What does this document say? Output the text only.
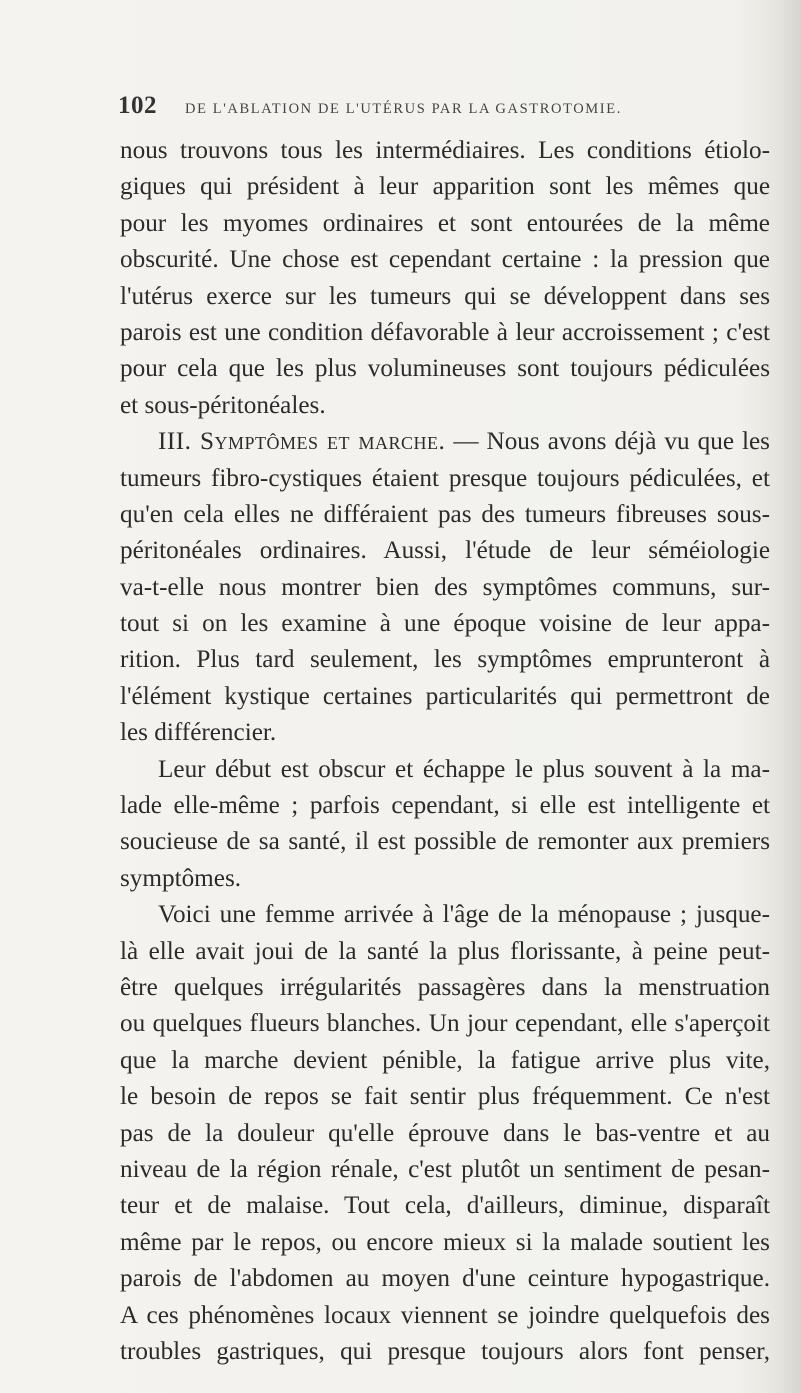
102 DE L'ABLATION DE L'UTÉRUS PAR LA GASTROTOMIE.
nous trouvons tous les intermédiaires. Les conditions étiolo-
giques qui président à leur apparition sont les mêmes que
pour les myomes ordinaires et sont entourées de la même
obscurité. Une chose est cependant certaine : la pression que
l'utérus exerce sur les tumeurs qui se développent dans ses
parois est une condition défavorable à leur accroissement ; c'est
pour cela que les plus volumineuses sont toujours pédiculées
et sous-péritonéales.
III. Symptômes et marche. — Nous avons déjà vu que les
tumeurs fibro-cystiques étaient presque toujours pédiculées, et
qu'en cela elles ne différaient pas des tumeurs fibreuses sous-
péritonéales ordinaires. Aussi, l'étude de leur séméiologie
va-t-elle nous montrer bien des symptômes communs, sur-
tout si on les examine à une époque voisine de leur appa-
rition. Plus tard seulement, les symptômes emprunteront à
l'élément kystique certaines particularités qui permettront de
les différencier.
Leur début est obscur et échappe le plus souvent à la ma-
lade elle-même ; parfois cependant, si elle est intelligente et
soucieuse de sa santé, il est possible de remonter aux premiers
symptômes.
Voici une femme arrivée à l'âge de la ménopause ; jusque-
là elle avait joui de la santé la plus florissante, à peine peut-
être quelques irrégularités passagères dans la menstruation
ou quelques flueurs blanches. Un jour cependant, elle s'aperçoit
que la marche devient pénible, la fatigue arrive plus vite,
le besoin de repos se fait sentir plus fréquemment. Ce n'est
pas de la douleur qu'elle éprouve dans le bas-ventre et au
niveau de la région rénale, c'est plutôt un sentiment de pesan-
teur et de malaise. Tout cela, d'ailleurs, diminue, disparaît
même par le repos, ou encore mieux si la malade soutient les
parois de l'abdomen au moyen d'une ceinture hypogastrique.
A ces phénomènes locaux viennent se joindre quelquefois des
troubles gastriques, qui presque toujours alors font penser,
